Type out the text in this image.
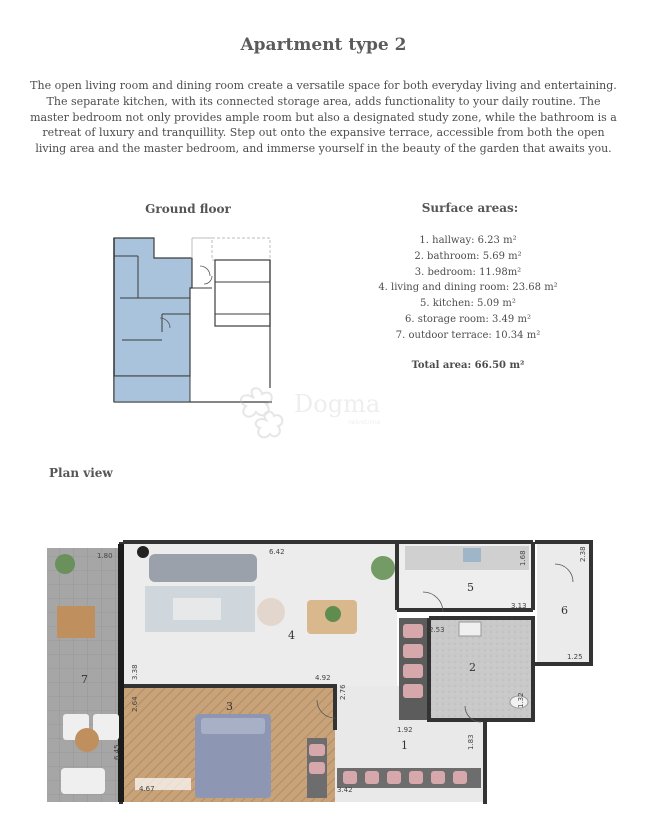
Apartment type 2
The open living room and dining room create a versatile space for both everyday living and entertaining. The separate kitchen, with its connected storage area, adds functionality to your daily routine. The master bedroom not only provides ample room but also a designated study zone, while the bathroom is a retreat of luxury and tranquillity. Step out onto the expansive terrace, accessible from both the open living area and the master bedroom, and immerse yourself in the beauty of the garden that awaits you.
Ground floor	Surface areas:
1. hallway: 6.23 m²
2. bathroom: 5.69 m²
3. bedroom: 11.98m²
4. living and dining room: 23.68 m²
5. kitchen: 5.09 m²
6. storage room: 3.49 m²
7. outdoor terrace: 10.34 m²
Total area: 66.50 m²
Dogma
nekretnine
Plan view
1
2
3
4
5
6
7
1.80	6.42	1.68	2.38
3.13
1.25
2.53
3.38	4.92
2.76
2.64
1.92
1.83
1.32
6.45
4.67	3.42
